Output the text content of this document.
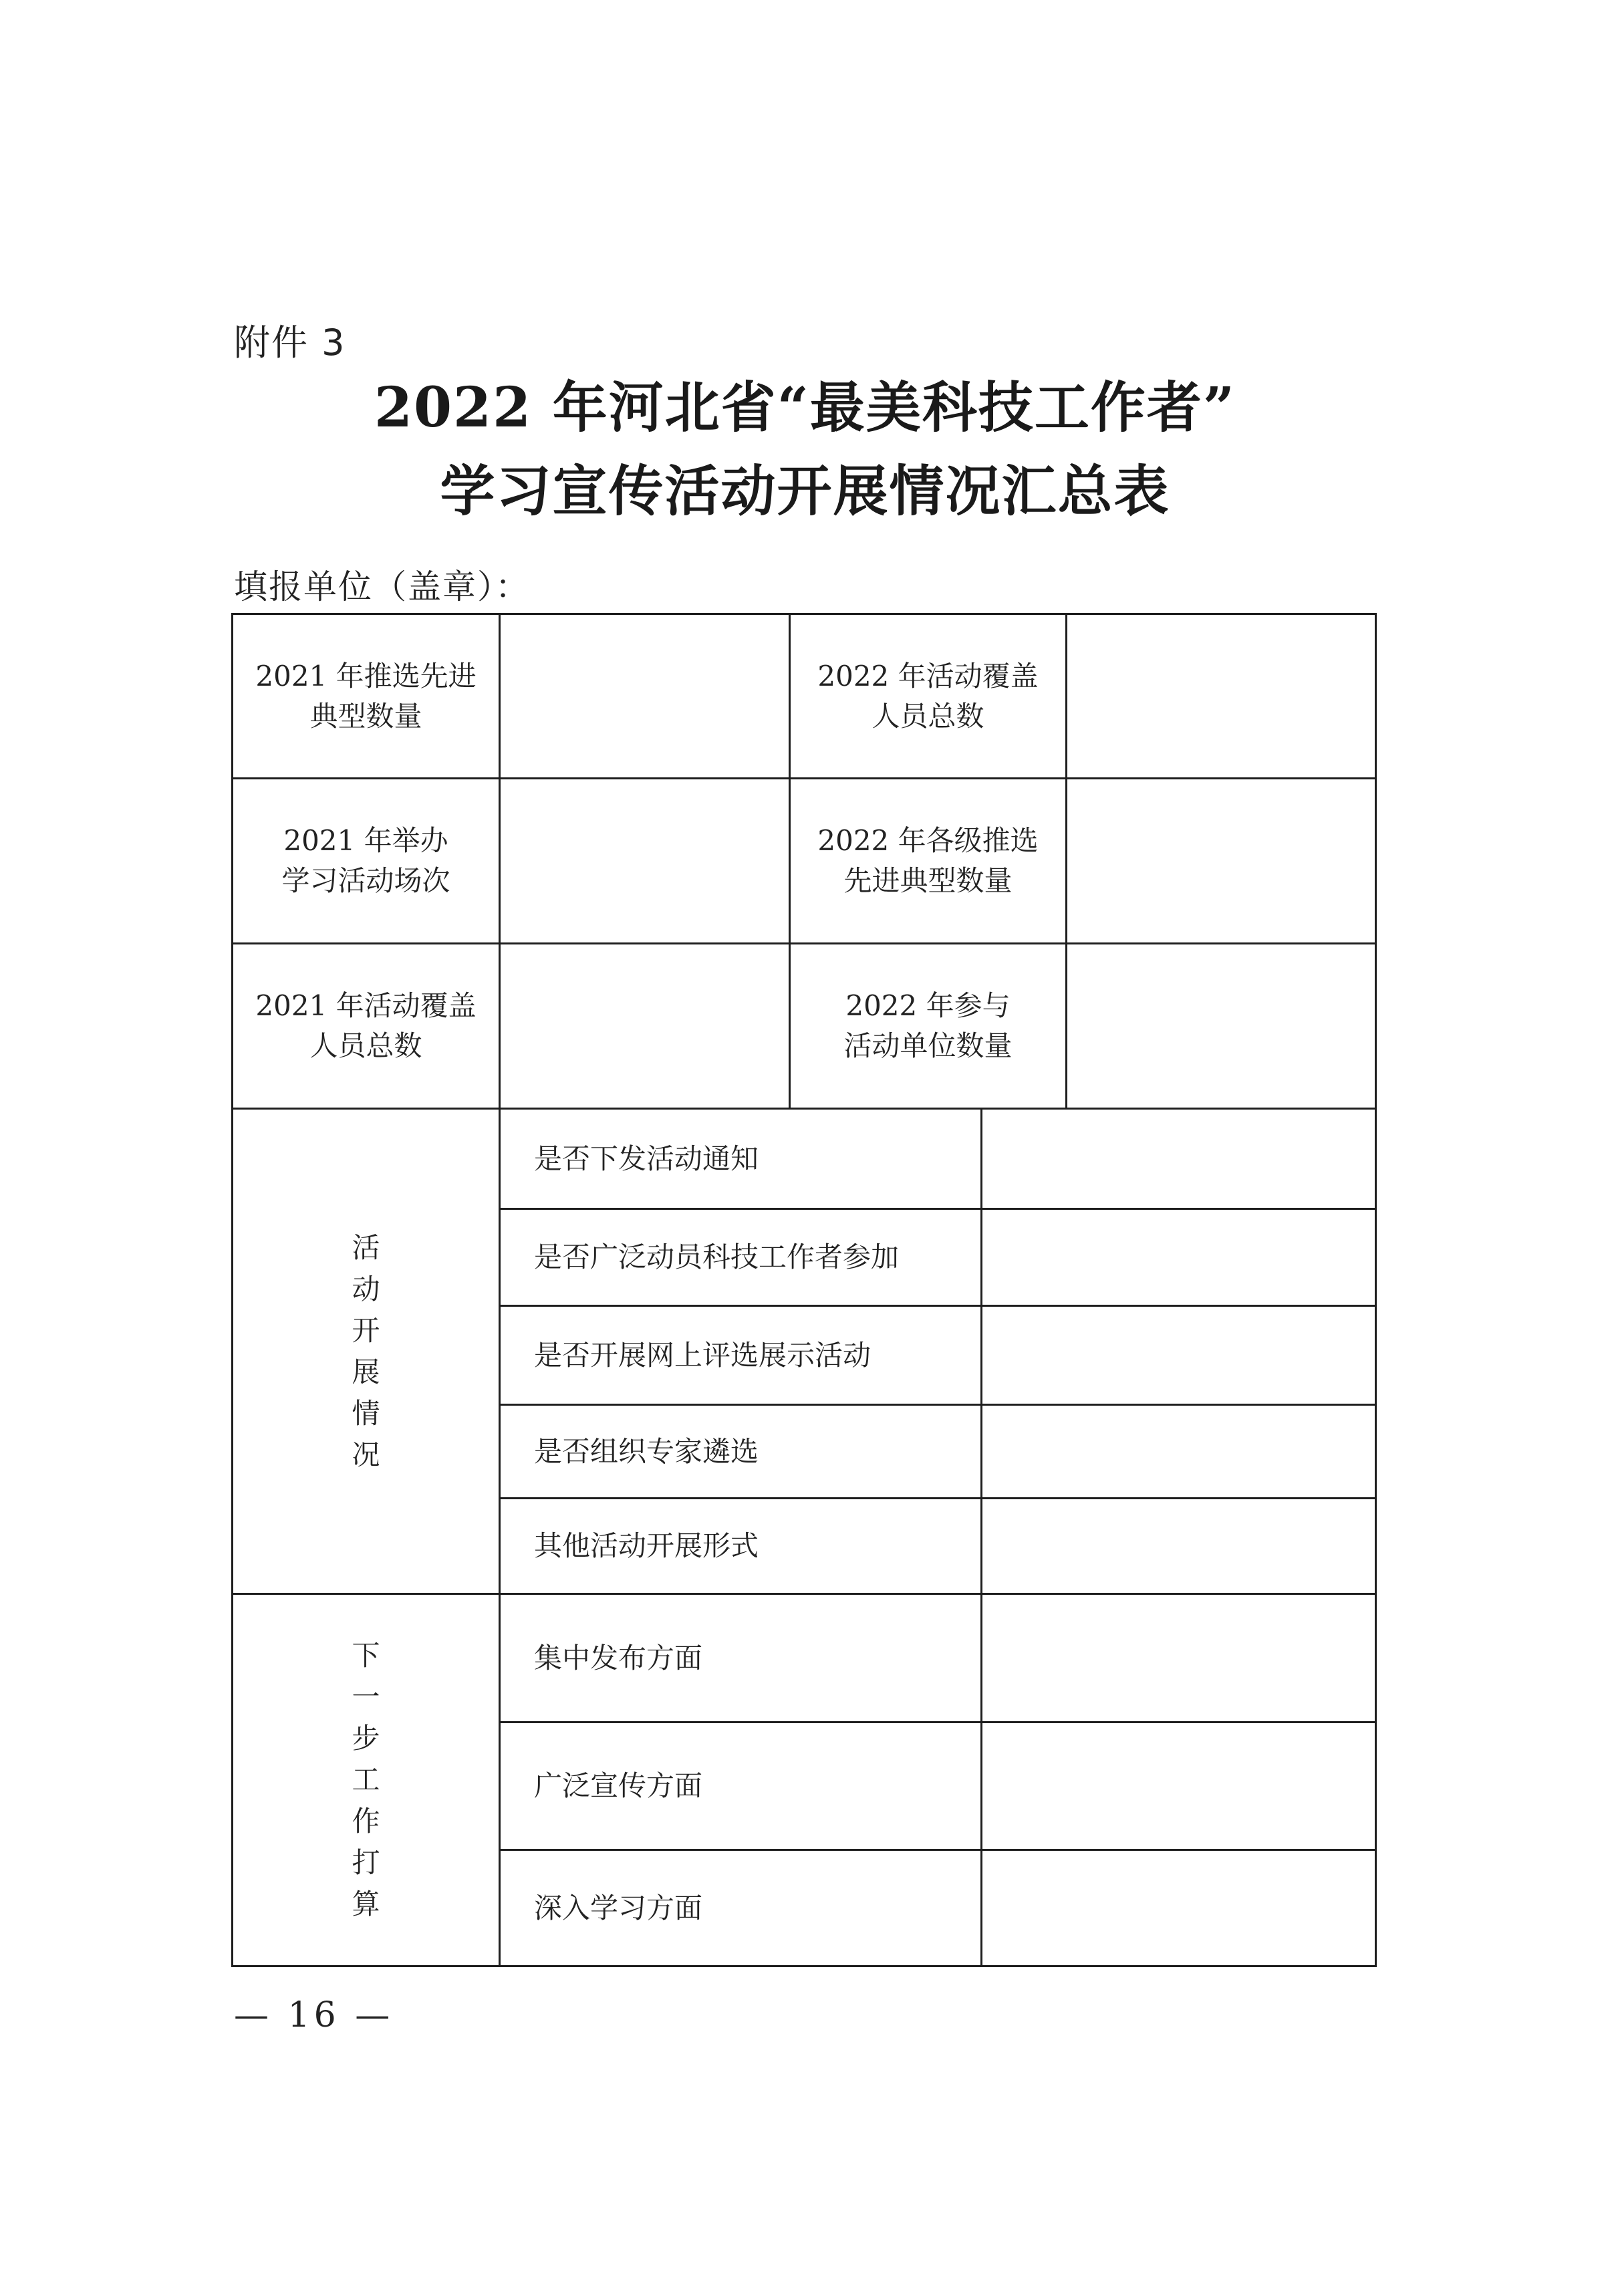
附件 3
2022 年河北省“最美科技工作者”
学习宣传活动开展情况汇总表
填报单位（盖章）：
2021 年推选先进
典型数量
2022 年活动覆盖
人员总数
2021 年举办
学习活动场次
2022 年各级推选
先进典型数量
2021 年活动覆盖
人员总数
2022 年参与
活动单位数量
活
动
开
展
情
况
是否下发活动通知
是否广泛动员科技工作者参加
是否开展网上评选展示活动
是否组织专家遴选
其他活动开展形式
下
一
步
工
作
打
算
集中发布方面
广泛宣传方面
深入学习方面
— 16 —
